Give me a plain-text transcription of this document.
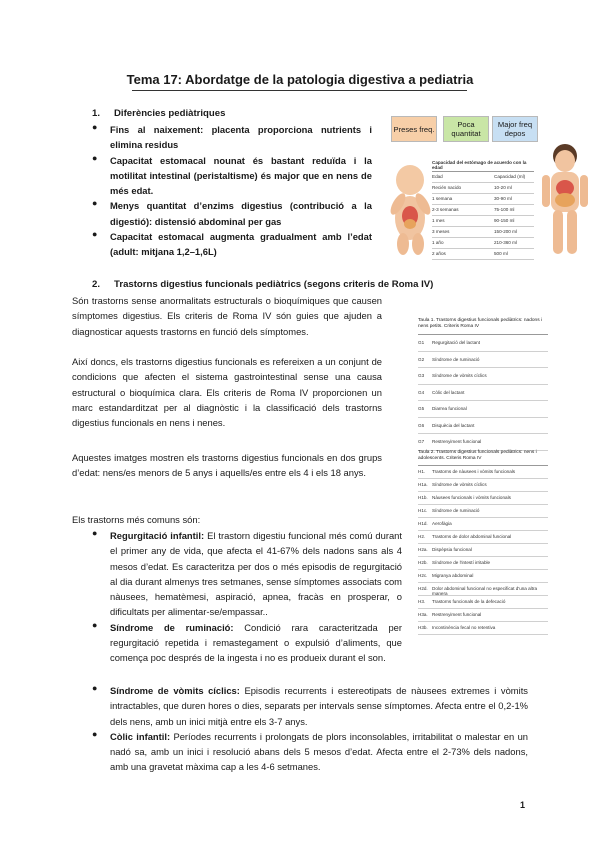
Tema 17: Abordatge de la patologia digestiva a pediatria
1. Diferències pediàtriques
● Fins al naixement: placenta proporciona nutrients i elimina residus
● Capacitat estomacal nounat és bastant reduïda i la motilitat intestinal (peristaltisme) és major que en nens de més edat.
● Menys quantitat d’enzims digestius (contribució a la digestió): distensió abdominal per gas
● Capacitat estomacal augmenta gradualment amb l’edat (adult: mitjana 1,2–1,6L)
Preses freq.	Poca quantitat
Major freq depos
Capacidad del estómago de acuerdo con la edad
Edad	Capacidad (ml)
Recién nacido	10-20 ml
1 semana	30-90 ml
2-3 semanas	75-100 ml
1 mes	90-150 ml
3 meses	150-200 ml
1 año	210-360 ml
2 años	500 ml
2. Trastorns digestius funcionals pediàtrics (segons criteris de Roma IV)
Són trastorns sense anormalitats estructurals o bioquímiques que causen símptomes digestius. Els criteris de Roma IV són guies que ajuden a diagnosticar aquests trastorns en funció dels símptomes.
Així doncs, els trastorns digestius funcionals es refereixen a un conjunt de condicions que afecten el sistema gastrointestinal sense una causa estructural o bioquímica clara. Els criteris de Roma IV proporcionen un marc estandarditzat per al diagnòstic i la classificació dels trastorns digestius funcionals en nens i nenes.
Aquestes imatges mostren els trastorns digestius funcionals en dos grups d’edat: nens/es menors de 5 anys i aquells/es entre els 4 i els 18 anys.
Els trastorns més comuns són:
● Regurgitació infantil: El trastorn digestiu funcional més comú durant el primer any de vida, que afecta el 41-67% dels nadons sans als 4 mesos d’edat. Es caracteritza per dos o més episodis de regurgitació al dia durant almenys tres setmanes, sense símptomes associats com nàusees, hematèmesi, aspiració, apnea, fracàs en prosperar, o dificultats per alimentar-se/empassar..
● Síndrome de ruminació: Condició rara caracteritzada per regurgitació repetida i remastegament o expulsió d’aliments, que comença poc després de la ingesta i no es produeix durant el son.
● Síndrome de vòmits cíclics: Episodis recurrents i estereotipats de nàusees extremes i vòmits intractables, que duren hores o dies, separats per intervals sense símptomes. Afecta entre el 0,2-1% dels nens, amb un inici mitjà entre els 3-7 anys.
● Còlic infantil: Períodes recurrents i prolongats de plors inconsolables, irritabilitat o malestar en un nadó sa, amb un inici i resolució abans dels 5 mesos d’edat. Afecta entre el 2-73% dels nadons, amb una gravetat màxima cap a les 4-6 setmanes.
Taula 1. Trastorns digestius funcionals pediàtrics: nadons i nens petits. Criteris Roma IV
G1 Regurgitació del lactant
G2 Síndrome de ruminació
G3 Síndrome de vòmits cíclics
G4 Còlic del lactant
G5 Diarrea funcional
G6 Disquècia del lactant
G7 Restrenyiment funcional
Taula 2. Trastorns digestius funcionals pediàtrics: nens i adolescents. Criteris Roma IV
H1. Trastorns de nàusees i vòmits funcionals
H1a. Síndrome de vòmits cíclics
H1b. Nàusees funcionals i vòmits funcionals
H1c. Síndrome de ruminació
H1d. Aerofàgia
H2. Trastorns de dolor abdominal funcional
H2a. Dispèpsia funcional
H2b. Síndrome de l'intestí irritable
H2c. Migranya abdominal
H2d. Dolor abdominal funcional no especificat d'una altra manera
H3. Trastorns funcionals de la defecació
H3a. Restrenyiment funcional
H3b. Incontinència fecal no retentiva
1
